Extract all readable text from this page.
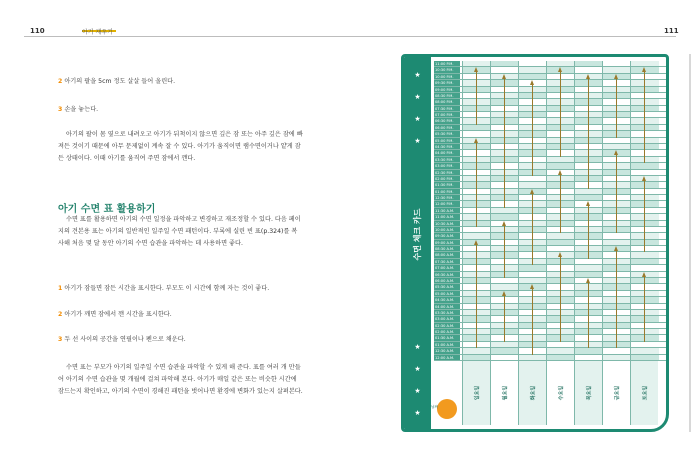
110	아기 재우기	111
2 아기의 팔을 5cm 정도 살살 들어 올린다.
3 손을 놓는다.
아기의 팔이 몸 옆으로 내려오고 아기가 뒤척이지 않으면 깊은 잠 또는 아주 깊은 잠에 빠져든 것이기 때문에 아무 문제없이 계속 잘 수 있다. 아기가 움직이면 램수면이거나 얕게 잠든 상태이다. 이때 아기를 움직여 주면 잠에서 깬다.
아기 수면 표 활용하기
수면 표를 활용하면 아기의 수면 일정을 파악하고 변경하고 재조정할 수 있다. 다음 페이지의 견본용 표는 아기의 일반적인 일주일 수면 패턴이다. 부록에 실린 빈 표(p.324)를 복사해 처음 몇 달 동안 아기의 수면 습관을 파악하는 데 사용하면 좋다.
1 아기가 잠들면 잠든 시간을 표시한다. 부모도 이 시간에 함께 자는 것이 좋다.
2 아기가 깨면 잠에서 깬 시간을 표시한다.
3 두 선 사이의 공간을 연필이나 펜으로 채운다.
수면 표는 부모가 아기의 일주일 수면 습관을 파악할 수 있게 해 준다. 표를 여러 개 만들어 아기의 수면 습관을 몇 개월에 걸쳐 파악해 본다. 아기가 매일 같은 또는 비슷한 시간에 잠드는지 확인하고, 아기의 수면이 경해진 패턴을 벗어나면 환경에 변화가 있는지 살펴본다.
수면 체크 카드
★
★
★
★
★
★
★
★
11:00 P.M.
10:30 P.M.
10:00 P.M.
09:30 P.M.
09:00 P.M.
08:30 P.M.
08:00 P.M.
07:30 P.M.
07:00 P.M.
06:30 P.M.
06:00 P.M.
05:30 P.M.
05:00 P.M.
04:30 P.M.
04:00 P.M.
03:30 P.M.
03:00 P.M.
02:30 P.M.
02:00 P.M.
01:30 P.M.
01:00 P.M.
12:30 P.M.
12:00 P.M.
11:30 A.M.
11:00 A.M.
10:30 A.M.
10:00 A.M.
09:30 A.M.
09:00 A.M.
08:30 A.M.
08:00 A.M.
07:30 A.M.
07:00 A.M.
06:30 A.M.
06:00 A.M.
05:30 A.M.
05:00 A.M.
04:30 A.M.
04:00 A.M.
03:30 A.M.
03:00 A.M.
02:30 A.M.
02:00 A.M.
01:30 A.M.
01:00 A.M.
12:30 A.M.
12:00 A.M.
일요일	월요일	화요일	수요일	목요일	금요일	토요일
날짜
